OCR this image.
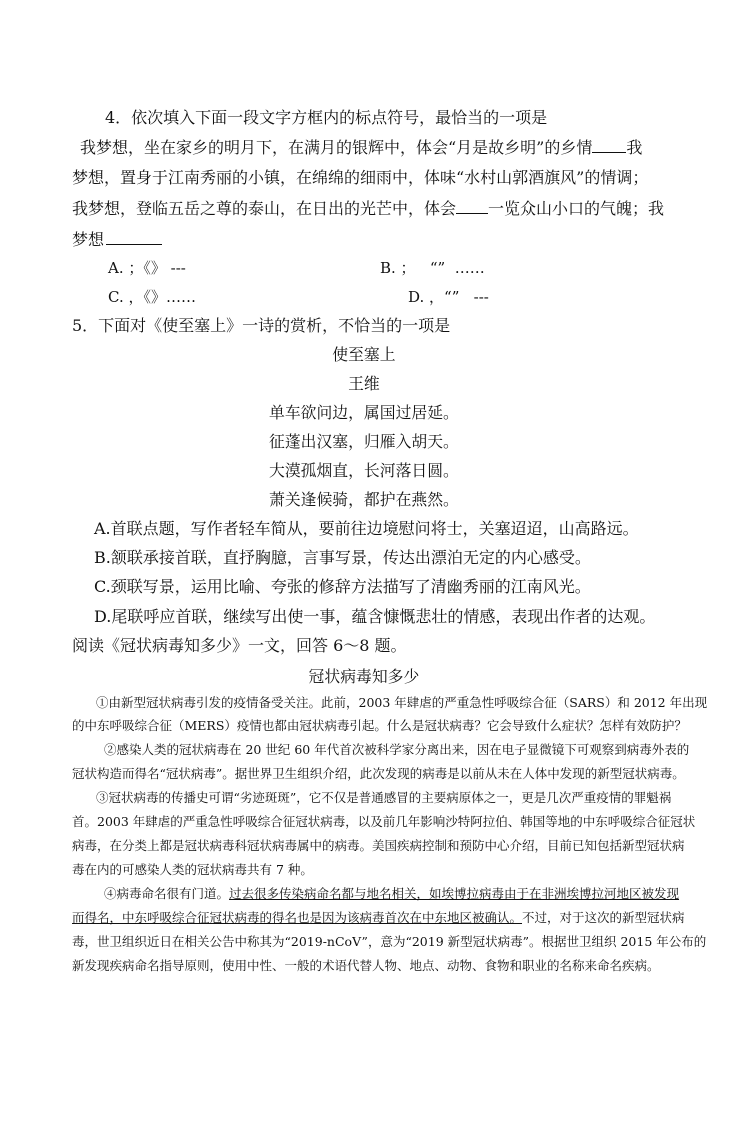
4．依次填入下面一段文字方框内的标点符号，最恰当的一项是
我梦想，坐在家乡的明月下，在满月的银辉中，体会“月是故乡明”的乡情 我
梦想，置身于江南秀丽的小镇，在绵绵的细雨中，体味“水村山郭酒旗风”的情调；
我梦想，登临五岳之尊的泰山，在日出的光芒中，体会 一览众山小口的气魄；我
梦想
A. ；《》 ---	B. ；   “”  ……
C. ，《》……	D. ，“”   ---
5．下面对《使至塞上》一诗的赏析，不恰当的一项是
使至塞上
王维
单车欲问边，属国过居延。
征蓬出汉塞，归雁入胡天。
大漠孤烟直，长河落日圆。
萧关逢候骑，都护在燕然。
A.首联点题，写作者轻车简从，要前往边境慰问将士，关塞迢迢，山高路远。
B.颔联承接首联，直抒胸臆，言事写景，传达出漂泊无定的内心感受。
C.颈联写景，运用比喻、夸张的修辞方法描写了清幽秀丽的江南风光。
D.尾联呼应首联，继续写出使一事，蕴含慷慨悲壮的情感，表现出作者的达观。
阅读《冠状病毒知多少》一文，回答 6～8 题。
冠状病毒知多少
①由新型冠状病毒引发的疫情备受关注。此前，2003 年肆虐的严重急性呼吸综合征（SARS）和 2012 年出现
的中东呼吸综合征（MERS）疫情也都由冠状病毒引起。什么是冠状病毒？它会导致什么症状？怎样有效防护？
②感染人类的冠状病毒在 20 世纪 60 年代首次被科学家分离出来，因在电子显微镜下可观察到病毒外表的
冠状构造而得名“冠状病毒”。据世界卫生组织介绍，此次发现的病毒是以前从未在人体中发现的新型冠状病毒。
③冠状病毒的传播史可谓“劣迹斑斑”，它不仅是普通感冒的主要病原体之一，更是几次严重疫情的罪魁祸
首。2003 年肆虐的严重急性呼吸综合征冠状病毒，以及前几年影响沙特阿拉伯、韩国等地的中东呼吸综合征冠状
病毒，在分类上都是冠状病毒科冠状病毒属中的病毒。美国疾病控制和预防中心介绍，目前已知包括新型冠状病
毒在内的可感染人类的冠状病毒共有 7 种。
④病毒命名很有门道。过去很多传染病命名都与地名相关，如埃博拉病毒由于在非洲埃博拉河地区被发现
而得名，中东呼吸综合征冠状病毒的得名也是因为该病毒首次在中东地区被确认。不过，对于这次的新型冠状病
毒，世卫组织近日在相关公告中称其为“2019-nCoV”，意为“2019 新型冠状病毒”。根据世卫组织 2015 年公布的
新发现疾病命名指导原则，使用中性、一般的术语代替人物、地点、动物、食物和职业的名称来命名疾病。
